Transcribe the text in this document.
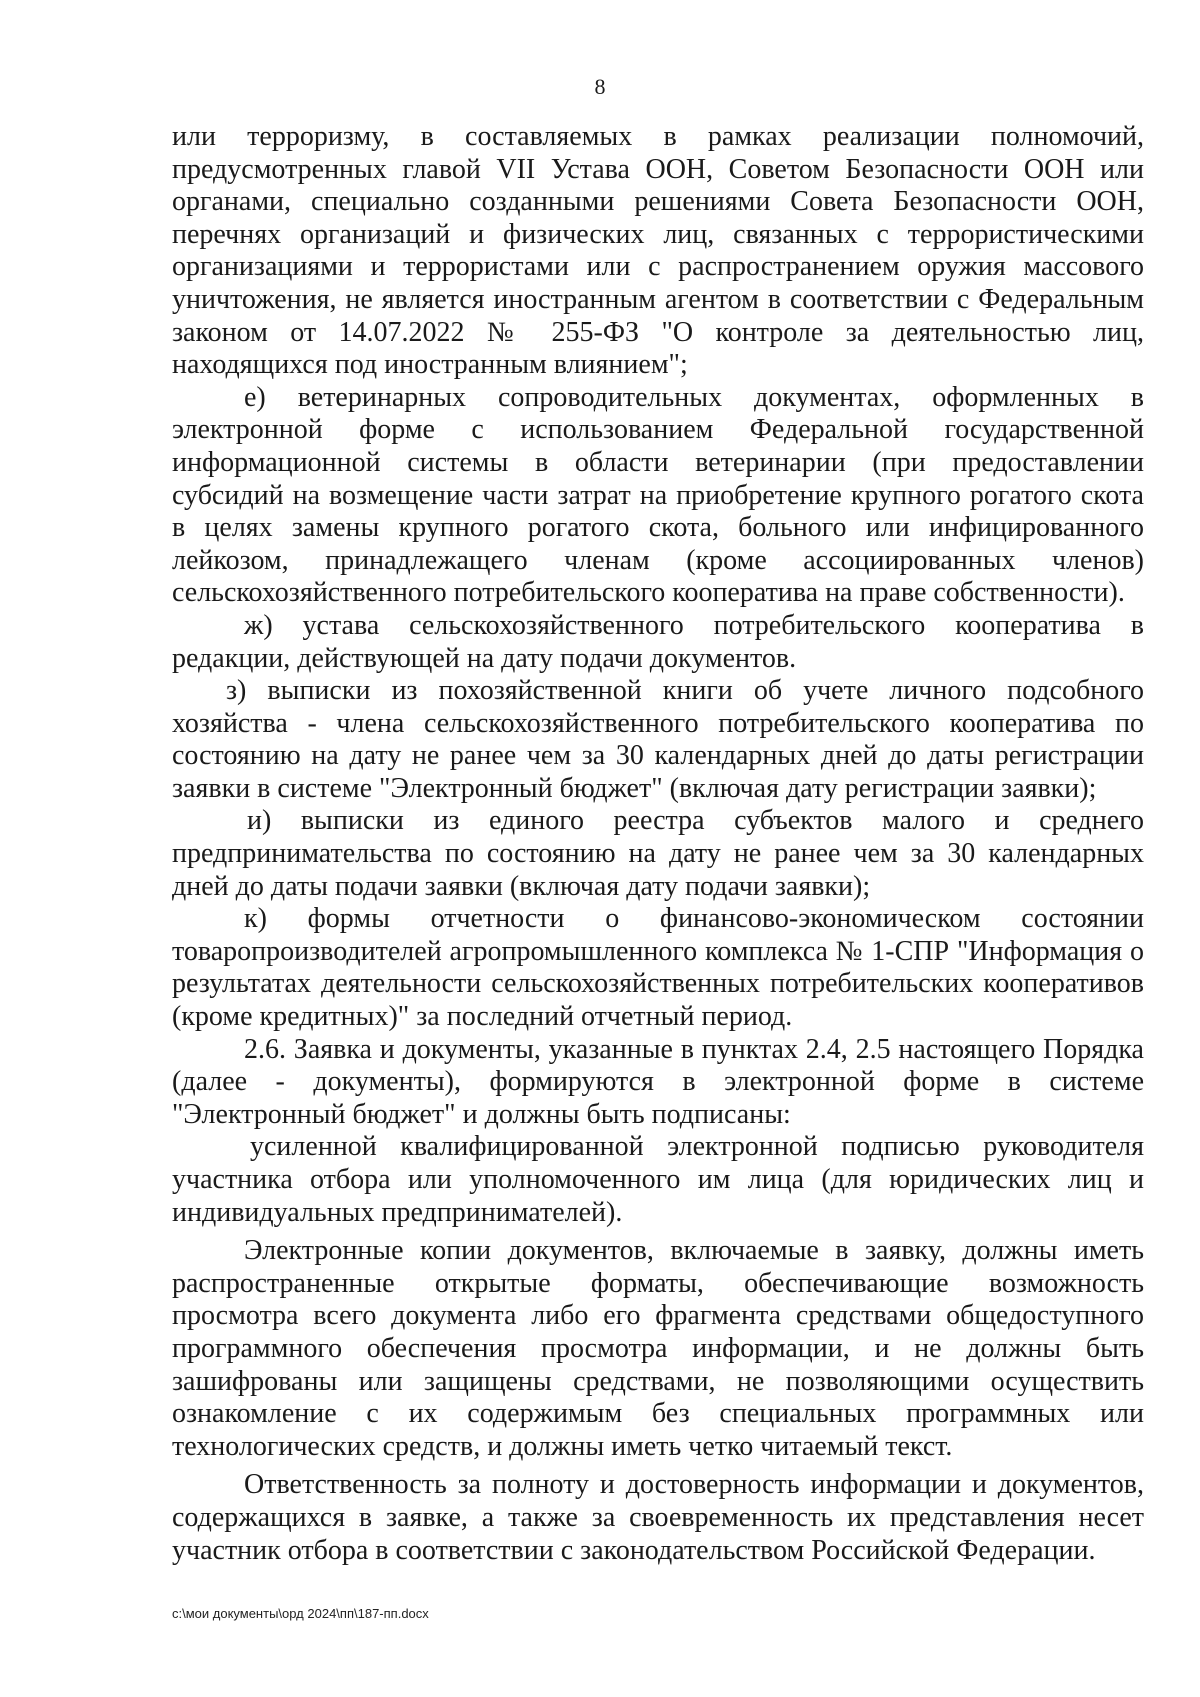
8

или терроризму, в составляемых в рамках реализации полномочий, предусмотренных главой VII Устава ООН, Советом Безопасности ООН или органами, специально созданными решениями Совета Безопасности ООН, перечнях организаций и физических лиц, связанных с террористическими организациями и террористами или с распространением оружия массового уничтожения, не является иностранным агентом в соответствии с Федеральным законом от 14.07.2022 № 255-ФЗ "О контроле за деятельностью лиц, находящихся под иностранным влиянием";

е) ветеринарных сопроводительных документах, оформленных в электронной форме с использованием Федеральной государственной информационной системы в области ветеринарии (при предоставлении субсидий на возмещение части затрат на приобретение крупного рогатого скота в целях замены крупного рогатого скота, больного или инфицированного лейкозом, принадлежащего членам (кроме ассоциированных членов) сельскохозяйственного потребительского кооператива на праве собственности).

ж) устава сельскохозяйственного потребительского кооператива в редакции, действующей на дату подачи документов.

з) выписки из похозяйственной книги об учете личного подсобного хозяйства - члена сельскохозяйственного потребительского кооператива по состоянию на дату не ранее чем за 30 календарных дней до даты регистрации заявки в системе "Электронный бюджет" (включая дату регистрации заявки);

и) выписки из единого реестра субъектов малого и среднего предпринимательства по состоянию на дату не ранее чем за 30 календарных дней до даты подачи заявки (включая дату подачи заявки);

к) формы отчетности о финансово-экономическом состоянии товаропроизводителей агропромышленного комплекса № 1-СПР "Информация о результатах деятельности сельскохозяйственных потребительских кооперативов (кроме кредитных)" за последний отчетный период.

2.6. Заявка и документы, указанные в пунктах 2.4, 2.5 настоящего Порядка (далее - документы), формируются в электронной форме в системе "Электронный бюджет" и должны быть подписаны:

усиленной квалифицированной электронной подписью руководителя участника отбора или уполномоченного им лица (для юридических лиц и индивидуальных предпринимателей).

Электронные копии документов, включаемые в заявку, должны иметь распространенные открытые форматы, обеспечивающие возможность просмотра всего документа либо его фрагмента средствами общедоступного программного обеспечения просмотра информации, и не должны быть зашифрованы или защищены средствами, не позволяющими осуществить ознакомление с их содержимым без специальных программных или технологических средств, и должны иметь четко читаемый текст.

Ответственность за полноту и достоверность информации и документов, содержащихся в заявке, а также за своевременность их представления несет участник отбора в соответствии с законодательством Российской Федерации.

c:\мои документы\орд 2024\пп\187-пп.docx
